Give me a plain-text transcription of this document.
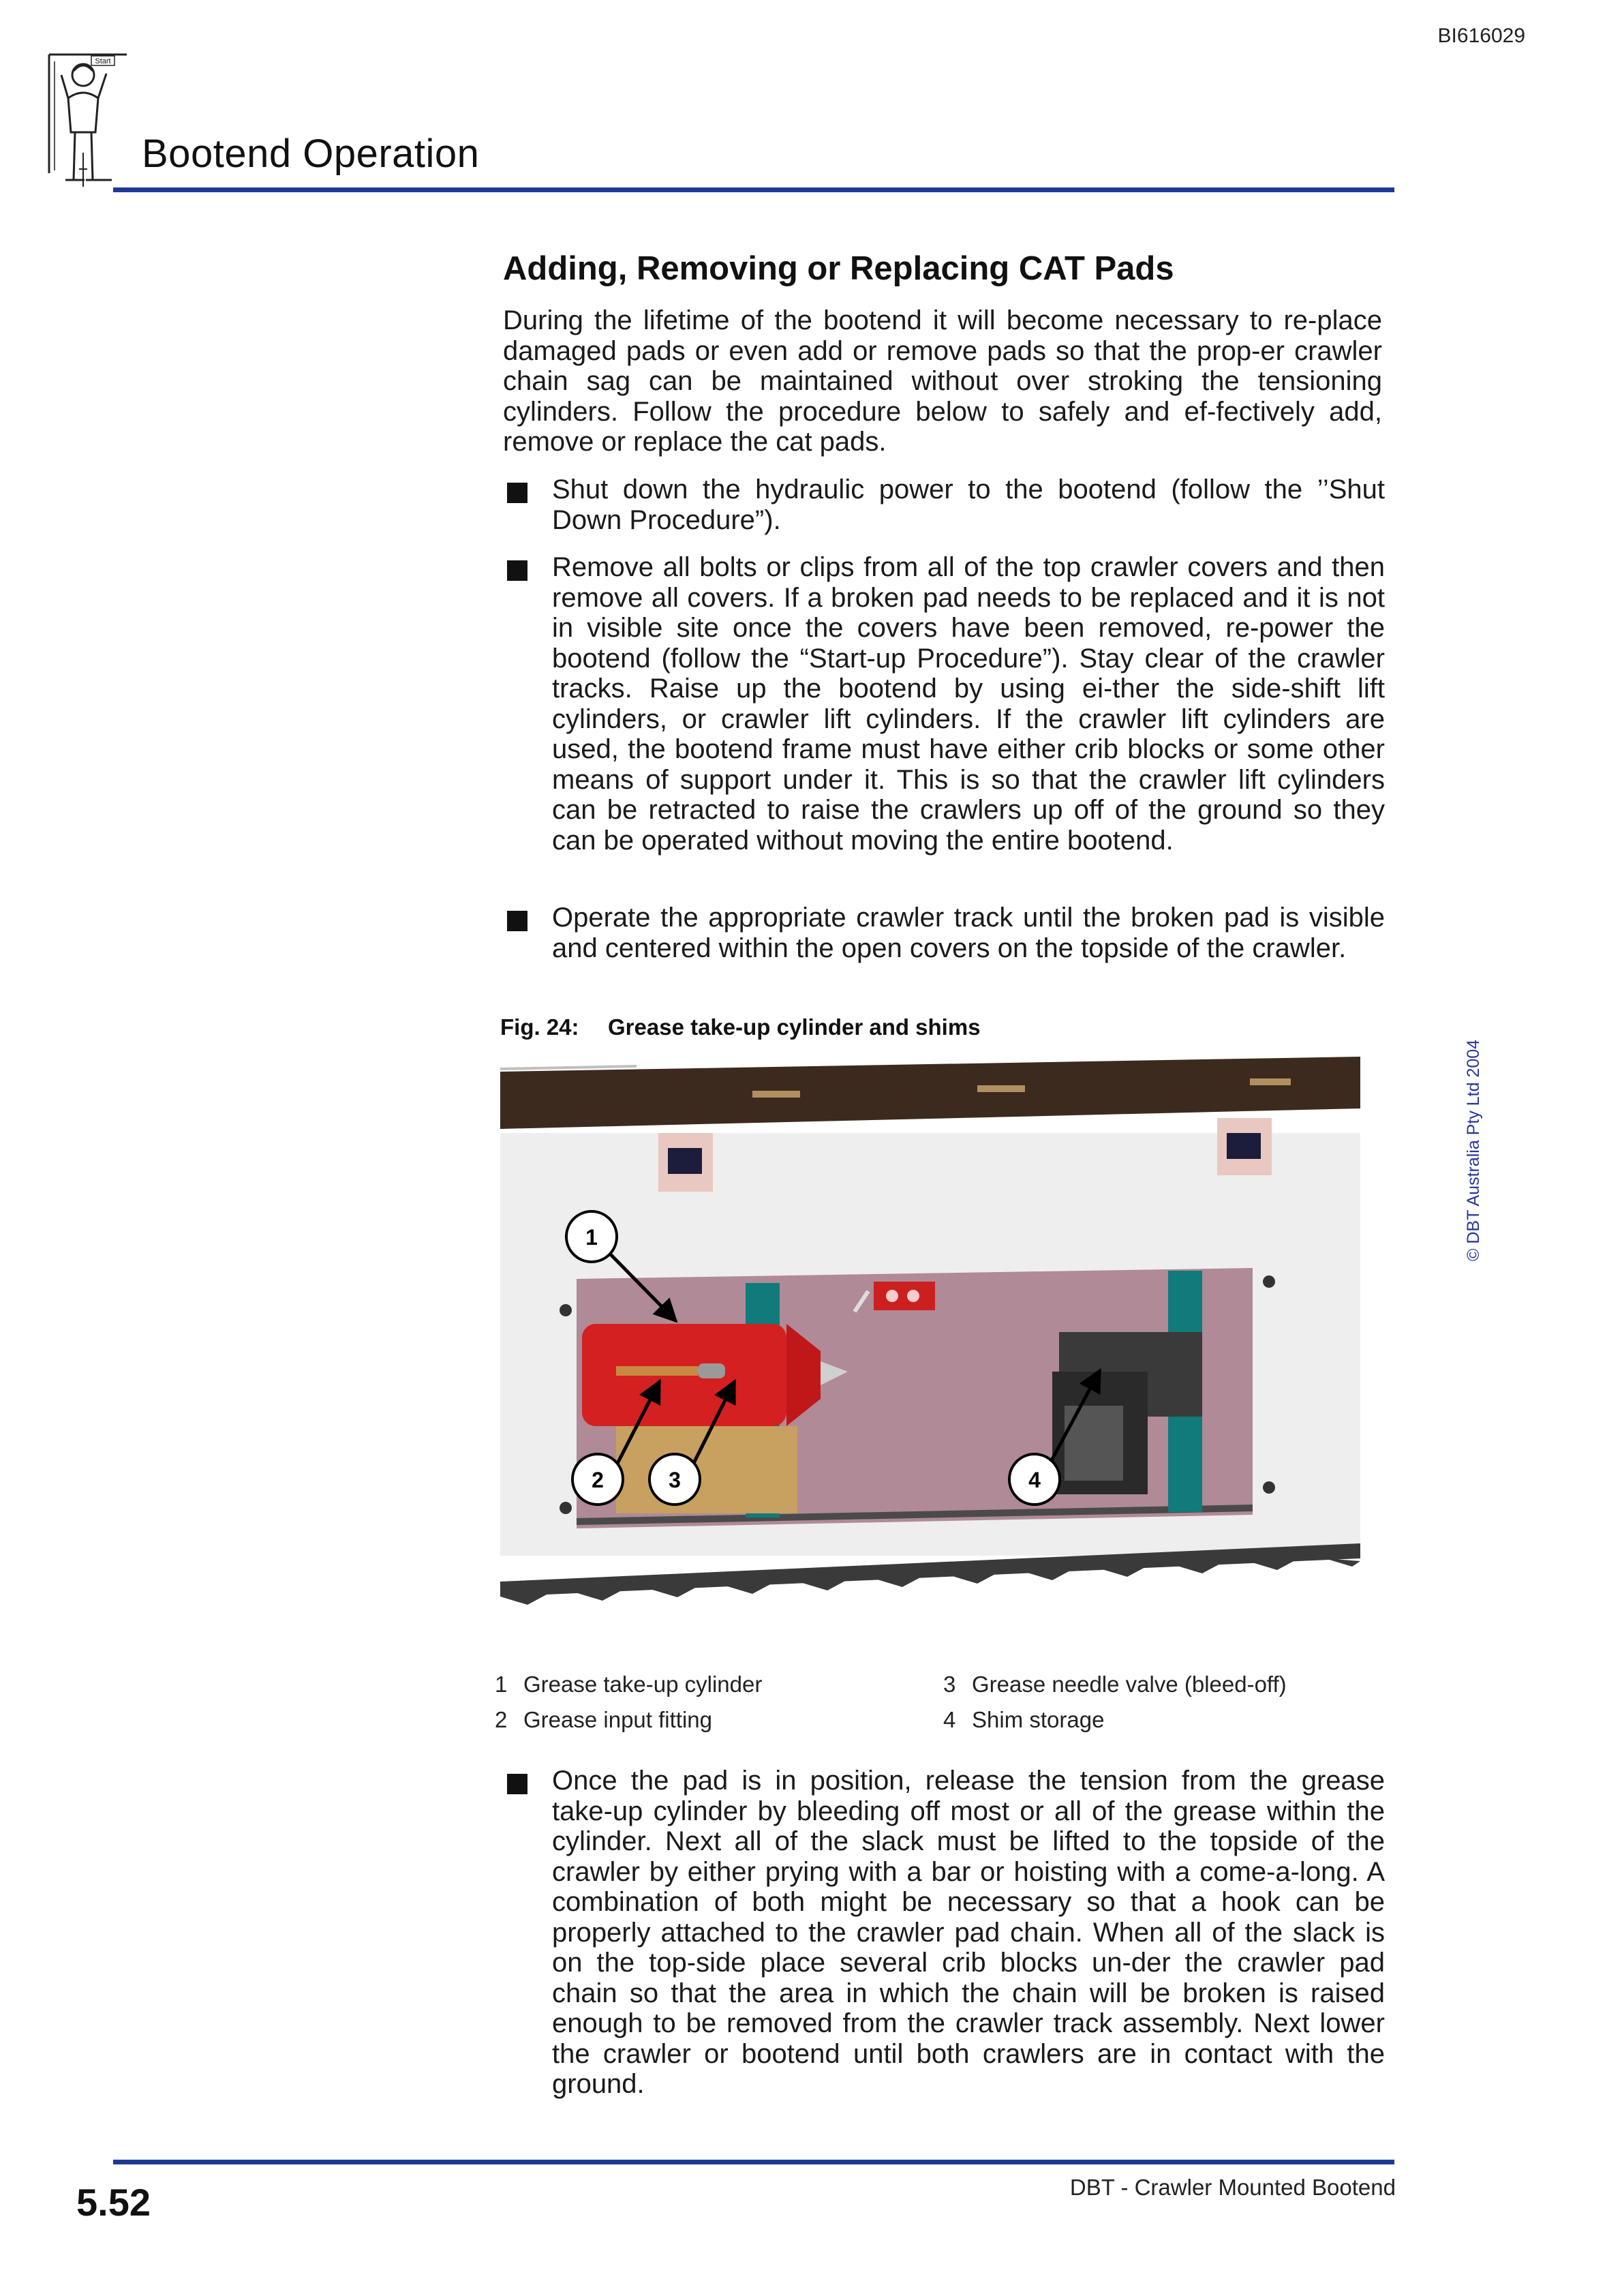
BI616029
Start
Bootend Operation
Adding, Removing or Replacing CAT Pads
During the lifetime of the bootend it will become necessary to re-place damaged pads or even add or remove pads so that the prop-er crawler chain sag can be maintained without over stroking the tensioning cylinders. Follow the procedure below to safely and ef-fectively add, remove or replace the cat pads.
Shut down the hydraulic power to the bootend (follow the ’’Shut Down Procedure”).
Remove all bolts or clips from all of the top crawler covers and then remove all covers. If a broken pad needs to be replaced and it is not in visible site once the covers have been removed, re-power the bootend (follow the “Start-up Procedure”). Stay clear of the crawler tracks. Raise up the bootend by using ei-ther the side-shift lift cylinders, or crawler lift cylinders. If the crawler lift cylinders are used, the bootend frame must have either crib blocks or some other means of support under it. This is so that the crawler lift cylinders can be retracted to raise the crawlers up off of the ground so they can be operated without moving the entire bootend.
Operate the appropriate crawler track until the broken pad is visible and centered within the open covers on the topside of the crawler.
Fig. 24: Grease take-up cylinder and shims
1
2	3	4
1 Grease take-up cylinder
2 Grease input fitting
3 Grease needle valve (bleed-off)
4 Shim storage
Once the pad is in position, release the tension from the grease take-up cylinder by bleeding off most or all of the grease within the cylinder. Next all of the slack must be lifted to the topside of the crawler by either prying with a bar or hoisting with a come-a-long. A combination of both might be necessary so that a hook can be properly attached to the crawler pad chain. When all of the slack is on the top-side place several crib blocks un-der the crawler pad chain so that the area in which the chain will be broken is raised enough to be removed from the crawler track assembly. Next lower the crawler or bootend until both crawlers are in contact with the ground.
© DBT Australia Pty Ltd 2004
5.52	DBT - Crawler Mounted Bootend
